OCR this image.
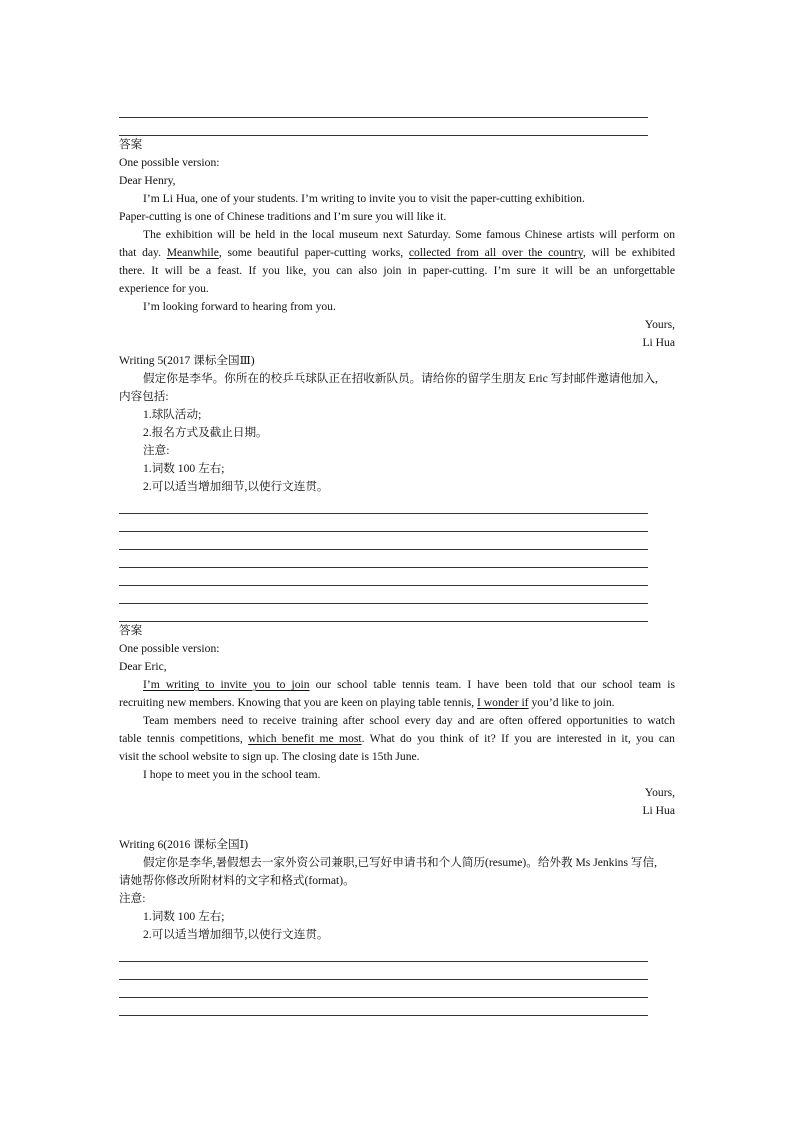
答案
One possible version:
Dear Henry,
I’m Li Hua, one of your students. I’m writing to invite you to visit the paper-cutting exhibition.
Paper-cutting is one of Chinese traditions and I’m sure you will like it.
The exhibition will be held in the local museum next Saturday. Some famous Chinese artists will perform on
that day. Meanwhile, some beautiful paper-cutting works, collected from all over the country, will be exhibited
there. It will be a feast. If you like, you can also join in paper-cutting. I’m sure it will be an unforgettable
experience for you.
I’m looking forward to hearing from you.
Yours,
Li Hua
Writing 5(2017 课标全国Ⅲ)
假定你是李华。你所在的校乒乓球队正在招收新队员。请给你的留学生朋友 Eric 写封邮件邀请他加入,
内容包括:
1.球队活动;
2.报名方式及截止日期。
注意:
1.词数 100 左右;
2.可以适当增加细节,以使行文连贯。
答案
One possible version:
Dear Eric,
I’m writing to invite you to join our school table tennis team. I have been told that our school team is
recruiting new members. Knowing that you are keen on playing table tennis, I wonder if you’d like to join.
Team members need to receive training after school every day and are often offered opportunities to watch
table tennis competitions, which benefit me most. What do you think of it? If you are interested in it, you can
visit the school website to sign up. The closing date is 15th June.
I hope to meet you in the school team.
Yours,
Li Hua
Writing 6(2016 课标全国Ⅰ)
假定你是李华,暑假想去一家外资公司兼职,已写好申请书和个人简历(resume)。给外教 Ms Jenkins 写信,
请她帮你修改所附材料的文字和格式(format)。
注意:
1.词数 100 左右;
2.可以适当增加细节,以使行文连贯。
